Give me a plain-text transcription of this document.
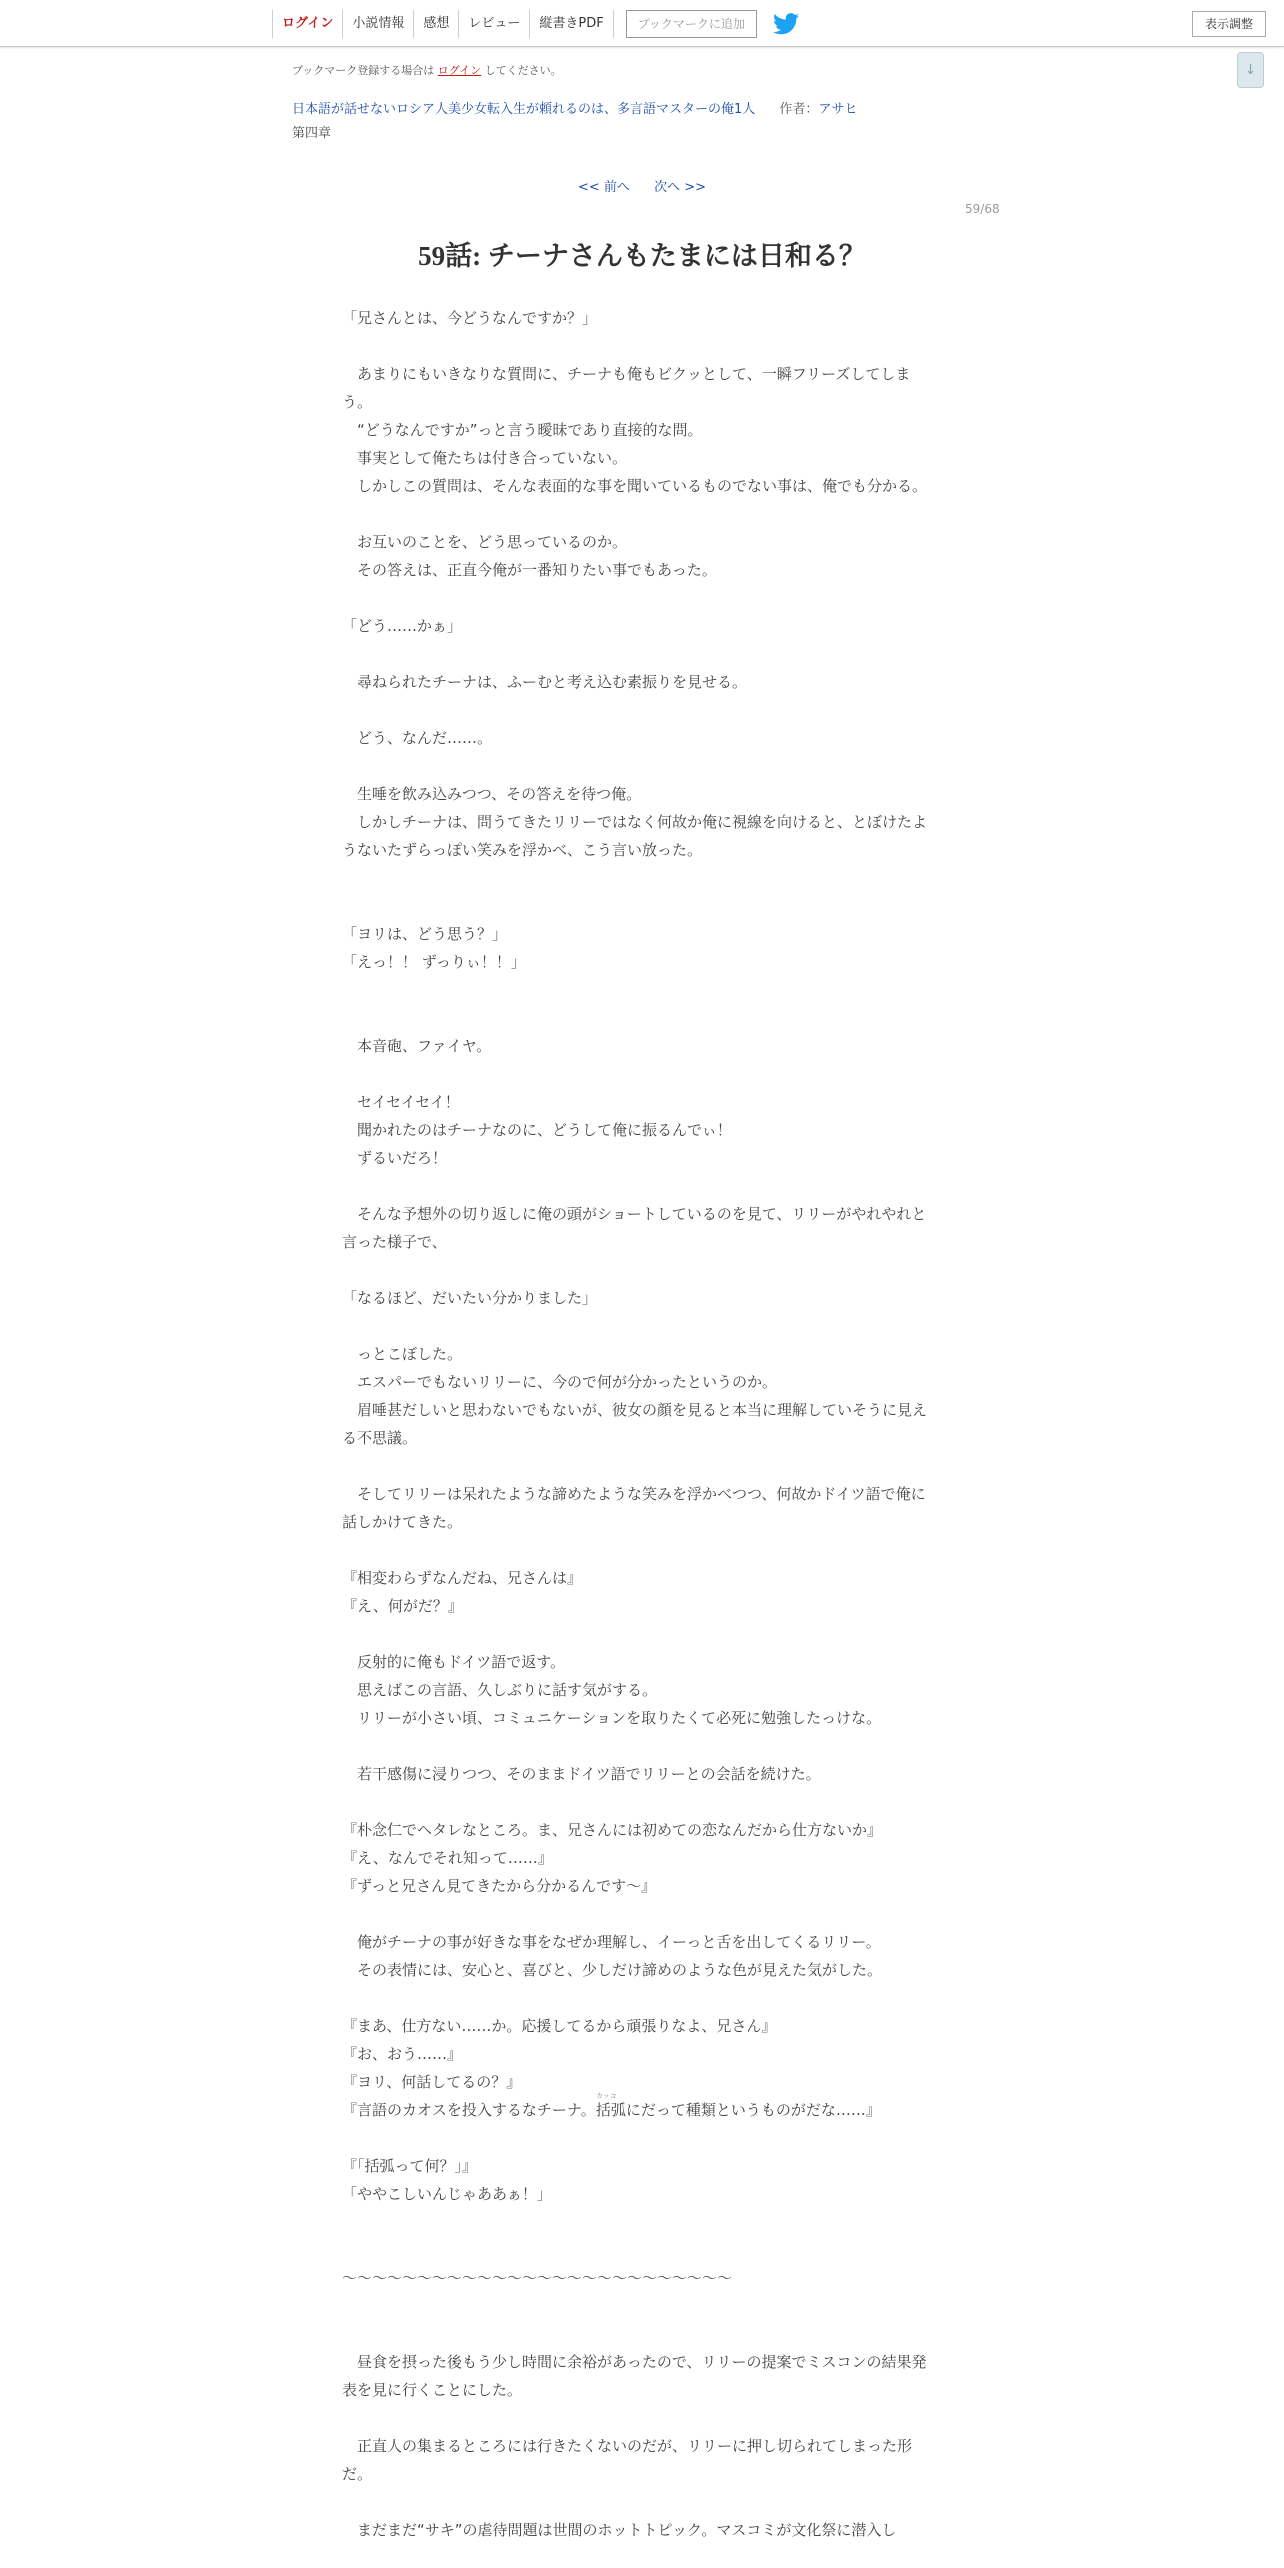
ログイン	小説情報	感想	レビュー	縦書きPDF	ブックマークに追加	表示調整
↓
ブックマーク登録する場合は ログイン してください。
日本語が話せないロシア人美少女転入生が頼れるのは、多言語マスターの俺1人 作者：アサヒ
第四章
<< 前へ 次へ >>
59/68
59話: チーナさんもたまには日和る？
「兄さんとは、今どうなんですか？」
　あまりにもいきなりな質問に、チーナも俺もビクッとして、一瞬フリーズしてしまう。
　“どうなんですか”っと言う曖昧であり直接的な問。
　事実として俺たちは付き合っていない。
　しかしこの質問は、そんな表面的な事を聞いているものでない事は、俺でも分かる。
　お互いのことを、どう思っているのか。
　その答えは、正直今俺が一番知りたい事でもあった。
「どう……かぁ」
　尋ねられたチーナは、ふーむと考え込む素振りを見せる。
　どう、なんだ……。
　生唾を飲み込みつつ、その答えを待つ俺。
　しかしチーナは、問うてきたリリーではなく何故か俺に視線を向けると、とぼけたようないたずらっぽい笑みを浮かべ、こう言い放った。
「ヨリは、どう思う？」
「えっ！！ ずっりぃ！！」
　本音砲、ファイヤ。
　セイセイセイ！
　聞かれたのはチーナなのに、どうして俺に振るんでぃ！
　ずるいだろ！
　そんな予想外の切り返しに俺の頭がショートしているのを見て、リリーがやれやれと言った様子で、
「なるほど、だいたい分かりました」
　っとこぼした。
　エスパーでもないリリーに、今ので何が分かったというのか。
　眉唾甚だしいと思わないでもないが、彼女の顔を見ると本当に理解していそうに見える不思議。
　そしてリリーは呆れたような諦めたような笑みを浮かべつつ、何故かドイツ語で俺に話しかけてきた。
『相変わらずなんだね、兄さんは』
『え、何がだ？』
　反射的に俺もドイツ語で返す。
　思えばこの言語、久しぶりに話す気がする。
　リリーが小さい頃、コミュニケーションを取りたくて必死に勉強したっけな。
　若干感傷に浸りつつ、そのままドイツ語でリリーとの会話を続けた。
『朴念仁でヘタレなところ。ま、兄さんには初めての恋なんだから仕方ないか』
『え、なんでそれ知って……』
『ずっと兄さん見てきたから分かるんです〜』
　俺がチーナの事が好きな事をなぜか理解し、イーっと舌を出してくるリリー。
　その表情には、安心と、喜びと、少しだけ諦めのような色が見えた気がした。
『まあ、仕方ない……か。応援してるから頑張りなよ、兄さん』
『お、おう……』
『ヨリ、何話してるの？』
『言語のカオスを投入するなチーナ。
カッコ
括弧にだって種類というものがだな……』
『「括弧って何？」』
「ややこしいんじゃああぁ！」
～～～～～～～～～～～～～～～～～～～～～～～～～～
　昼食を摂った後もう少し時間に余裕があったので、リリーの提案でミスコンの結果発表を見に行くことにした。
　正直人の集まるところには行きたくないのだが、リリーに押し切られてしまった形だ。
　まだまだ“サキ”の虐待問題は世間のホットトピック。マスコミが文化祭に潜入し
